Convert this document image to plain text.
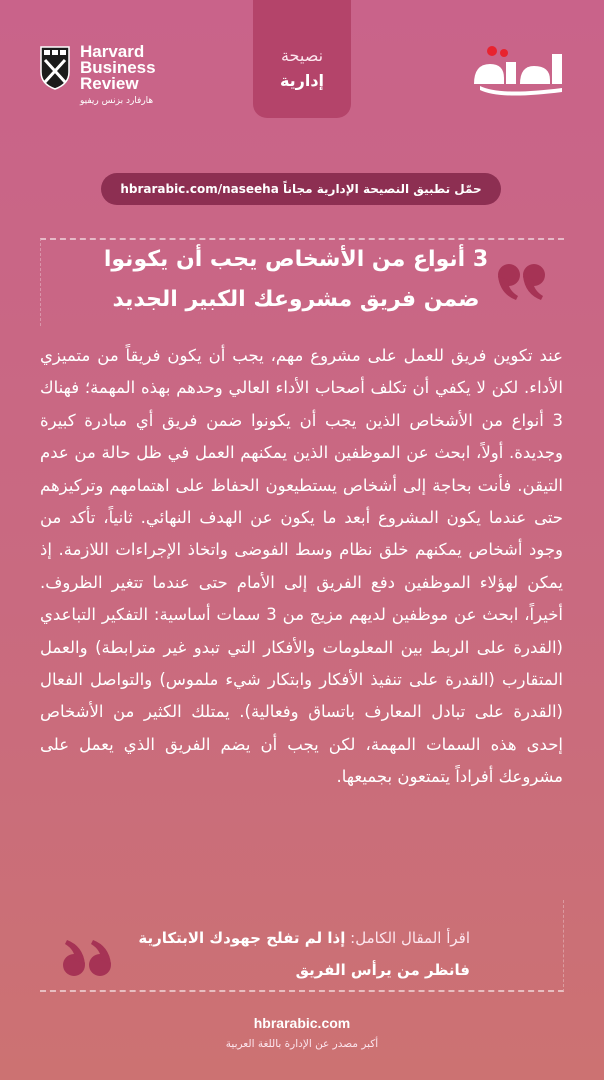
Harvard
Business
Review
هارفارد بزنس ريفيو
نصيحة
إدارية
حمّل تطبيق النصيحة الإدارية مجاناً hbrarabic.com/naseeha
3 أنواع من الأشخاص يجب أن يكونوا
ضمن فريق مشروعك الكبير الجديد
عند تكوين فريق للعمل على مشروع مهم، يجب أن يكون فريقاً من متميزي الأداء. لكن لا يكفي أن تكلف أصحاب الأداء العالي وحدهم بهذه المهمة؛ فهناك 3 أنواع من الأشخاص الذين يجب أن يكونوا ضمن فريق أي مبادرة كبيرة وجديدة. أولاً، ابحث عن الموظفين الذين يمكنهم العمل في ظل حالة من عدم التيقن. فأنت بحاجة إلى أشخاص يستطيعون الحفاظ على اهتمامهم وتركيزهم حتى عندما يكون المشروع أبعد ما يكون عن الهدف النهائي. ثانياً، تأكد من وجود أشخاص يمكنهم خلق نظام وسط الفوضى واتخاذ الإجراءات اللازمة. إذ يمكن لهؤلاء الموظفين دفع الفريق إلى الأمام حتى عندما تتغير الظروف. أخيراً، ابحث عن موظفين لديهم مزيج من 3 سمات أساسية: التفكير التباعدي (القدرة على الربط بين المعلومات والأفكار التي تبدو غير مترابطة) والعمل المتقارب (القدرة على تنفيذ الأفكار وابتكار شيء ملموس) والتواصل الفعال (القدرة على تبادل المعارف باتساق وفعالية). يمتلك الكثير من الأشخاص إحدى هذه السمات المهمة، لكن يجب أن يضم الفريق الذي يعمل على مشروعك أفراداً يتمتعون بجميعها.
اقرأ المقال الكامل: إذا لم تفلح جهودك الابتكارية فانظر من يرأس الفريق
hbrarabic.com
أكبر مصدر عن الإدارة باللغة العربية
